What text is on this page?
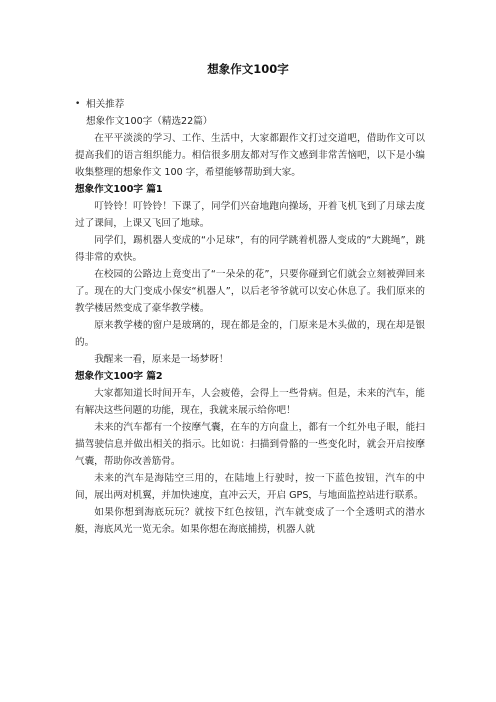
想象作文100字

• 相关推荐

想象作文100字（精选22篇）

在平平淡淡的学习、工作、生活中，大家都跟作文打过交道吧，借助作文可以提高我们的语言组织能力。相信很多朋友都对写作文感到非常苦恼吧，以下是小编收集整理的想象作文 100 字，希望能够帮助到大家。

想象作文100字 篇1

叮铃铃！叮铃铃！下课了，同学们兴奋地跑向操场，开着飞机飞到了月球去度过了课间，上课又飞回了地球。

同学们，踢机器人变成的“小足球”，有的同学跳着机器人变成的“大跳绳”，跳得非常的欢快。

在校园的公路边上竟变出了“一朵朵的花”，只要你碰到它们就会立刻被弹回来了。现在的大门变成小保安“机器人”，以后老爷爷就可以安心休息了。我们原来的教学楼居然变成了豪华教学楼。

原来教学楼的窗户是玻璃的，现在都是金的，门原来是木头做的，现在却是银的。

我醒来一看，原来是一场梦呀！

想象作文100字 篇2

大家都知道长时间开车，人会疲倦，会得上一些骨病。但是，未来的汽车，能有解决这些问题的功能，现在，我就来展示给你吧！

未来的汽车都有一个按摩气囊，在车的方向盘上，都有一个红外电子眼，能扫描驾驶信息并做出相关的指示。比如说：扫描到骨骼的一些变化时，就会开启按摩气囊，帮助你改善筋骨。

未来的汽车是海陆空三用的，在陆地上行驶时，按一下蓝色按钮，汽车的中间，展出两对机翼，并加快速度，直冲云天，开启 GPS，与地面监控站进行联系。

如果你想到海底玩玩？就按下红色按钮，汽车就变成了一个全透明式的潜水艇，海底风光一览无余。如果你想在海底捕捞，机器人就
